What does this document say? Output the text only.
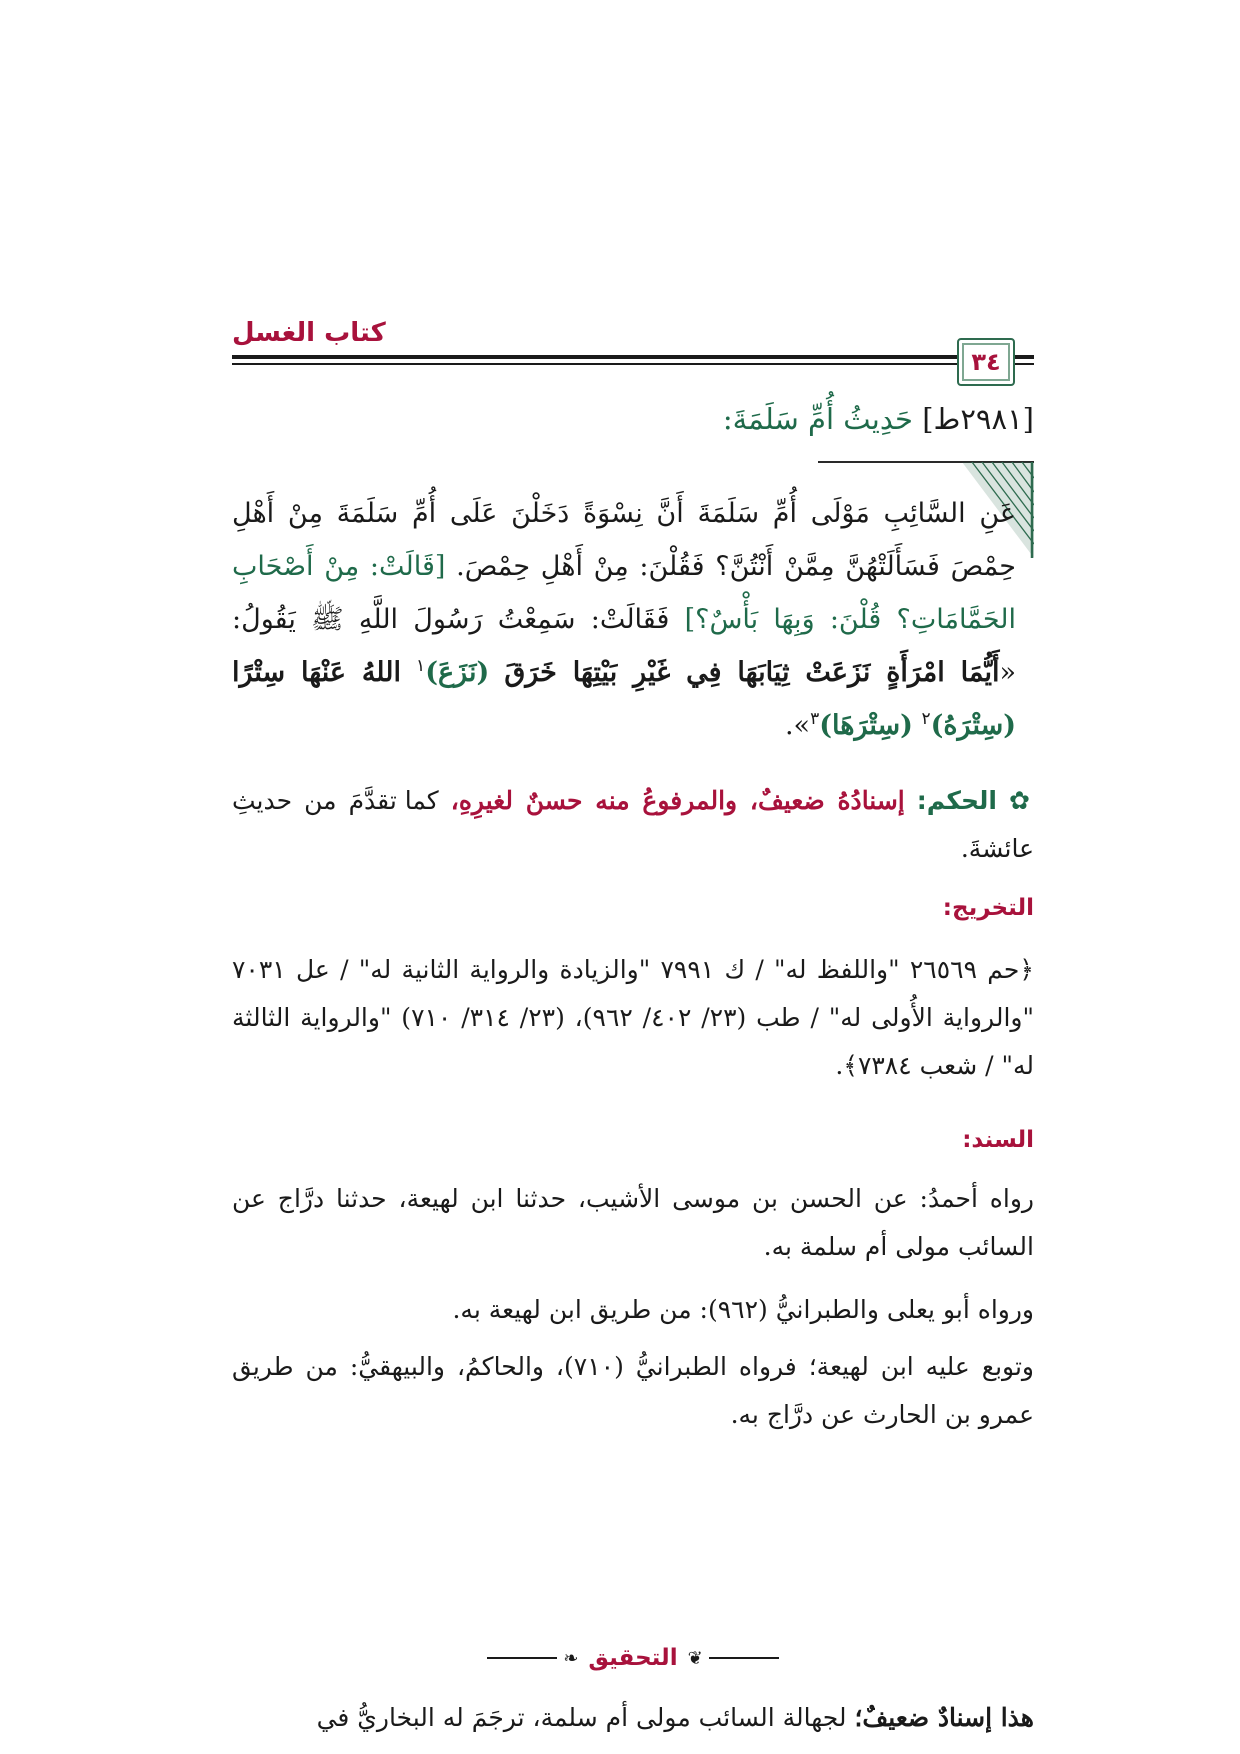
كتاب الغسل
٣٤
[٢٩٨١ط] حَدِيثُ أُمِّ سَلَمَةَ:
عَنِ السَّائِبِ مَوْلَى أُمِّ سَلَمَةَ أَنَّ نِسْوَةً دَخَلْنَ عَلَى أُمِّ سَلَمَةَ مِنْ أَهْلِ حِمْصَ فَسَأَلَتْهُنَّ مِمَّنْ أَنْتُنَّ؟ فَقُلْنَ: مِنْ أَهْلِ حِمْصَ. [قَالَتْ: مِنْ أَصْحَابِ الحَمَّامَاتِ؟ قُلْنَ: وَبِهَا بَأْسٌ؟] فَقَالَتْ: سَمِعْتُ رَسُولَ اللَّهِ ﷺ يَقُولُ: «أَيُّمَا امْرَأَةٍ نَزَعَتْ ثِيَابَهَا فِي غَيْرِ بَيْتِهَا خَرَقَ (نَزَعَ)$^١$ اللهُ عَنْهَا سِتْرًا (سِتْرَهُ)$^٢$ (سِتْرَهَا)$^٣$».
✿ الحكم: إسنادُهُ ضعيفٌ، والمرفوعُ منه حسنٌ لغيرِهِ، كما تقدَّمَ من حديثِ عائشةَ.
التخريج:
﴿حم ٢٦٥٦٩ "واللفظ له" / ك ٧٩٩١ "والزيادة والرواية الثانية له" / عل ٧٠٣١ "والرواية الأُولى له" / طب (٢٣/ ٤٠٢/ ٩٦٢)، (٢٣/ ٣١٤/ ٧١٠) "والرواية الثالثة له" / شعب ٧٣٨٤﴾.
السند:
رواه أحمدُ: عن الحسن بن موسى الأشيب، حدثنا ابن لهيعة، حدثنا درَّاج عن السائب مولى أم سلمة به.
ورواه أبو يعلى والطبرانيُّ (٩٦٢): من طريق ابن لهيعة به.
وتوبع عليه ابن لهيعة؛ فرواه الطبرانيُّ (٧١٠)، والحاكمُ، والبيهقيُّ: من طريق عمرو بن الحارث عن درَّاج به.
❦
التحقيق
❧
هذا إسنادٌ ضعيفٌ؛ لجهالة السائب مولى أم سلمة، ترجَمَ له البخاريُّ في
